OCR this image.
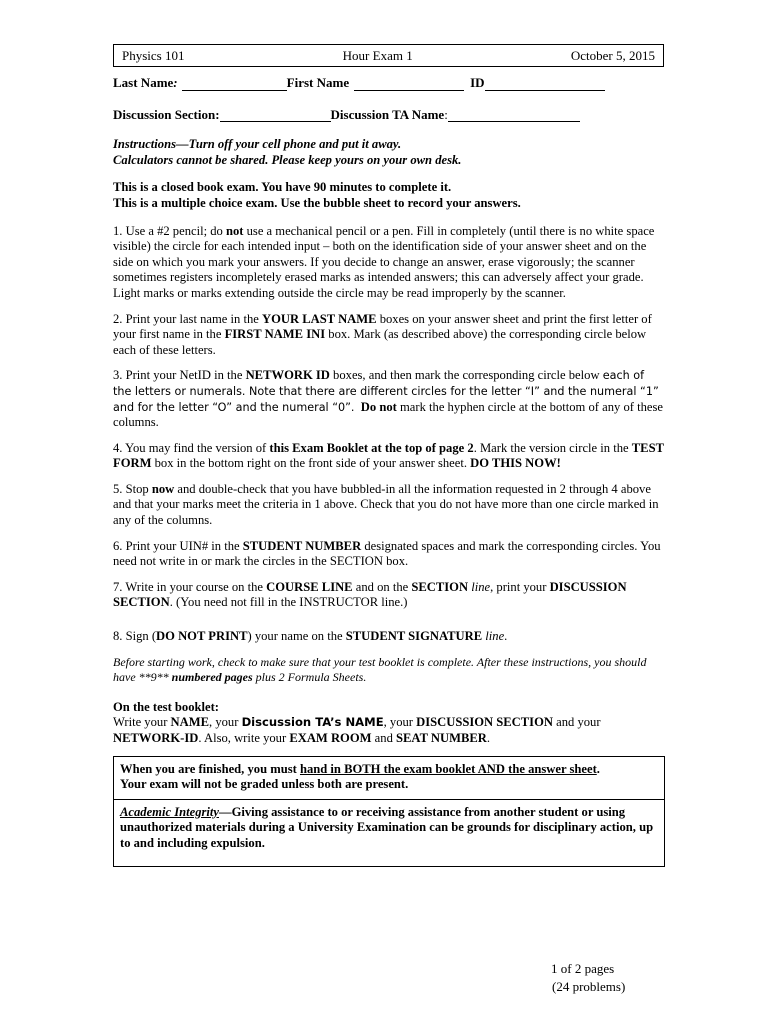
Physics 101	Hour Exam 1	October 5, 2015
Last Name :	First Name	ID
Discussion Section:	Discussion TA Name :
Instructions—Turn off your cell phone and put it away.
Calculators cannot be shared. Please keep yours on your own desk.
This is a closed book exam. You have 90 minutes to complete it.
This is a multiple choice exam. Use the bubble sheet to record your answers.

1. Use a #2 pencil; do not use a mechanical pencil or a pen. Fill in completely (until there is no white space visible) the circle for each intended input – both on the identification side of your answer sheet and on the side on which you mark your answers. If you decide to change an answer, erase vigorously; the scanner sometimes registers incompletely erased marks as intended answers; this can adversely affect your grade. Light marks or marks extending outside the circle may be read improperly by the scanner.

2. Print your last name in the YOUR LAST NAME boxes on your answer sheet and print the first letter of your first name in the FIRST NAME INI box. Mark (as described above) the corresponding circle below each of these letters.

3. Print your NetID in the NETWORK ID boxes, and then mark the corresponding circle below each of the letters or numerals. Note that there are different circles for the letter “I” and the numeral “1” and for the letter “O” and the numeral “0”. Do not mark the hyphen circle at the bottom of any of these columns.

4. You may find the version of this Exam Booklet at the top of page 2. Mark the version circle in the TEST FORM box in the bottom right on the front side of your answer sheet. DO THIS NOW!

5. Stop now and double-check that you have bubbled-in all the information requested in 2 through 4 above and that your marks meet the criteria in 1 above. Check that you do not have more than one circle marked in any of the columns.

6. Print your UIN# in the STUDENT NUMBER designated spaces and mark the corresponding circles. You need not write in or mark the circles in the SECTION box.

7. Write in your course on the COURSE LINE and on the SECTION line, print your DISCUSSION SECTION. (You need not fill in the INSTRUCTOR line.)

8. Sign (DO NOT PRINT) your name on the STUDENT SIGNATURE line.

Before starting work, check to make sure that your test booklet is complete. After these instructions, you should have **9** numbered pages plus 2 Formula Sheets.

On the test booklet:
Write your NAME, your Discussion TA’s NAME, your DISCUSSION SECTION and your NETWORK-ID. Also, write your EXAM ROOM and SEAT NUMBER.
When you are finished, you must hand in BOTH the exam booklet AND the answer sheet.
Your exam will not be graded unless both are present.
Academic Integrity—Giving assistance to or receiving assistance from another student or using unauthorized materials during a University Examination can be grounds for disciplinary action, up to and including expulsion.
1 of 2 pages
(24 problems)
